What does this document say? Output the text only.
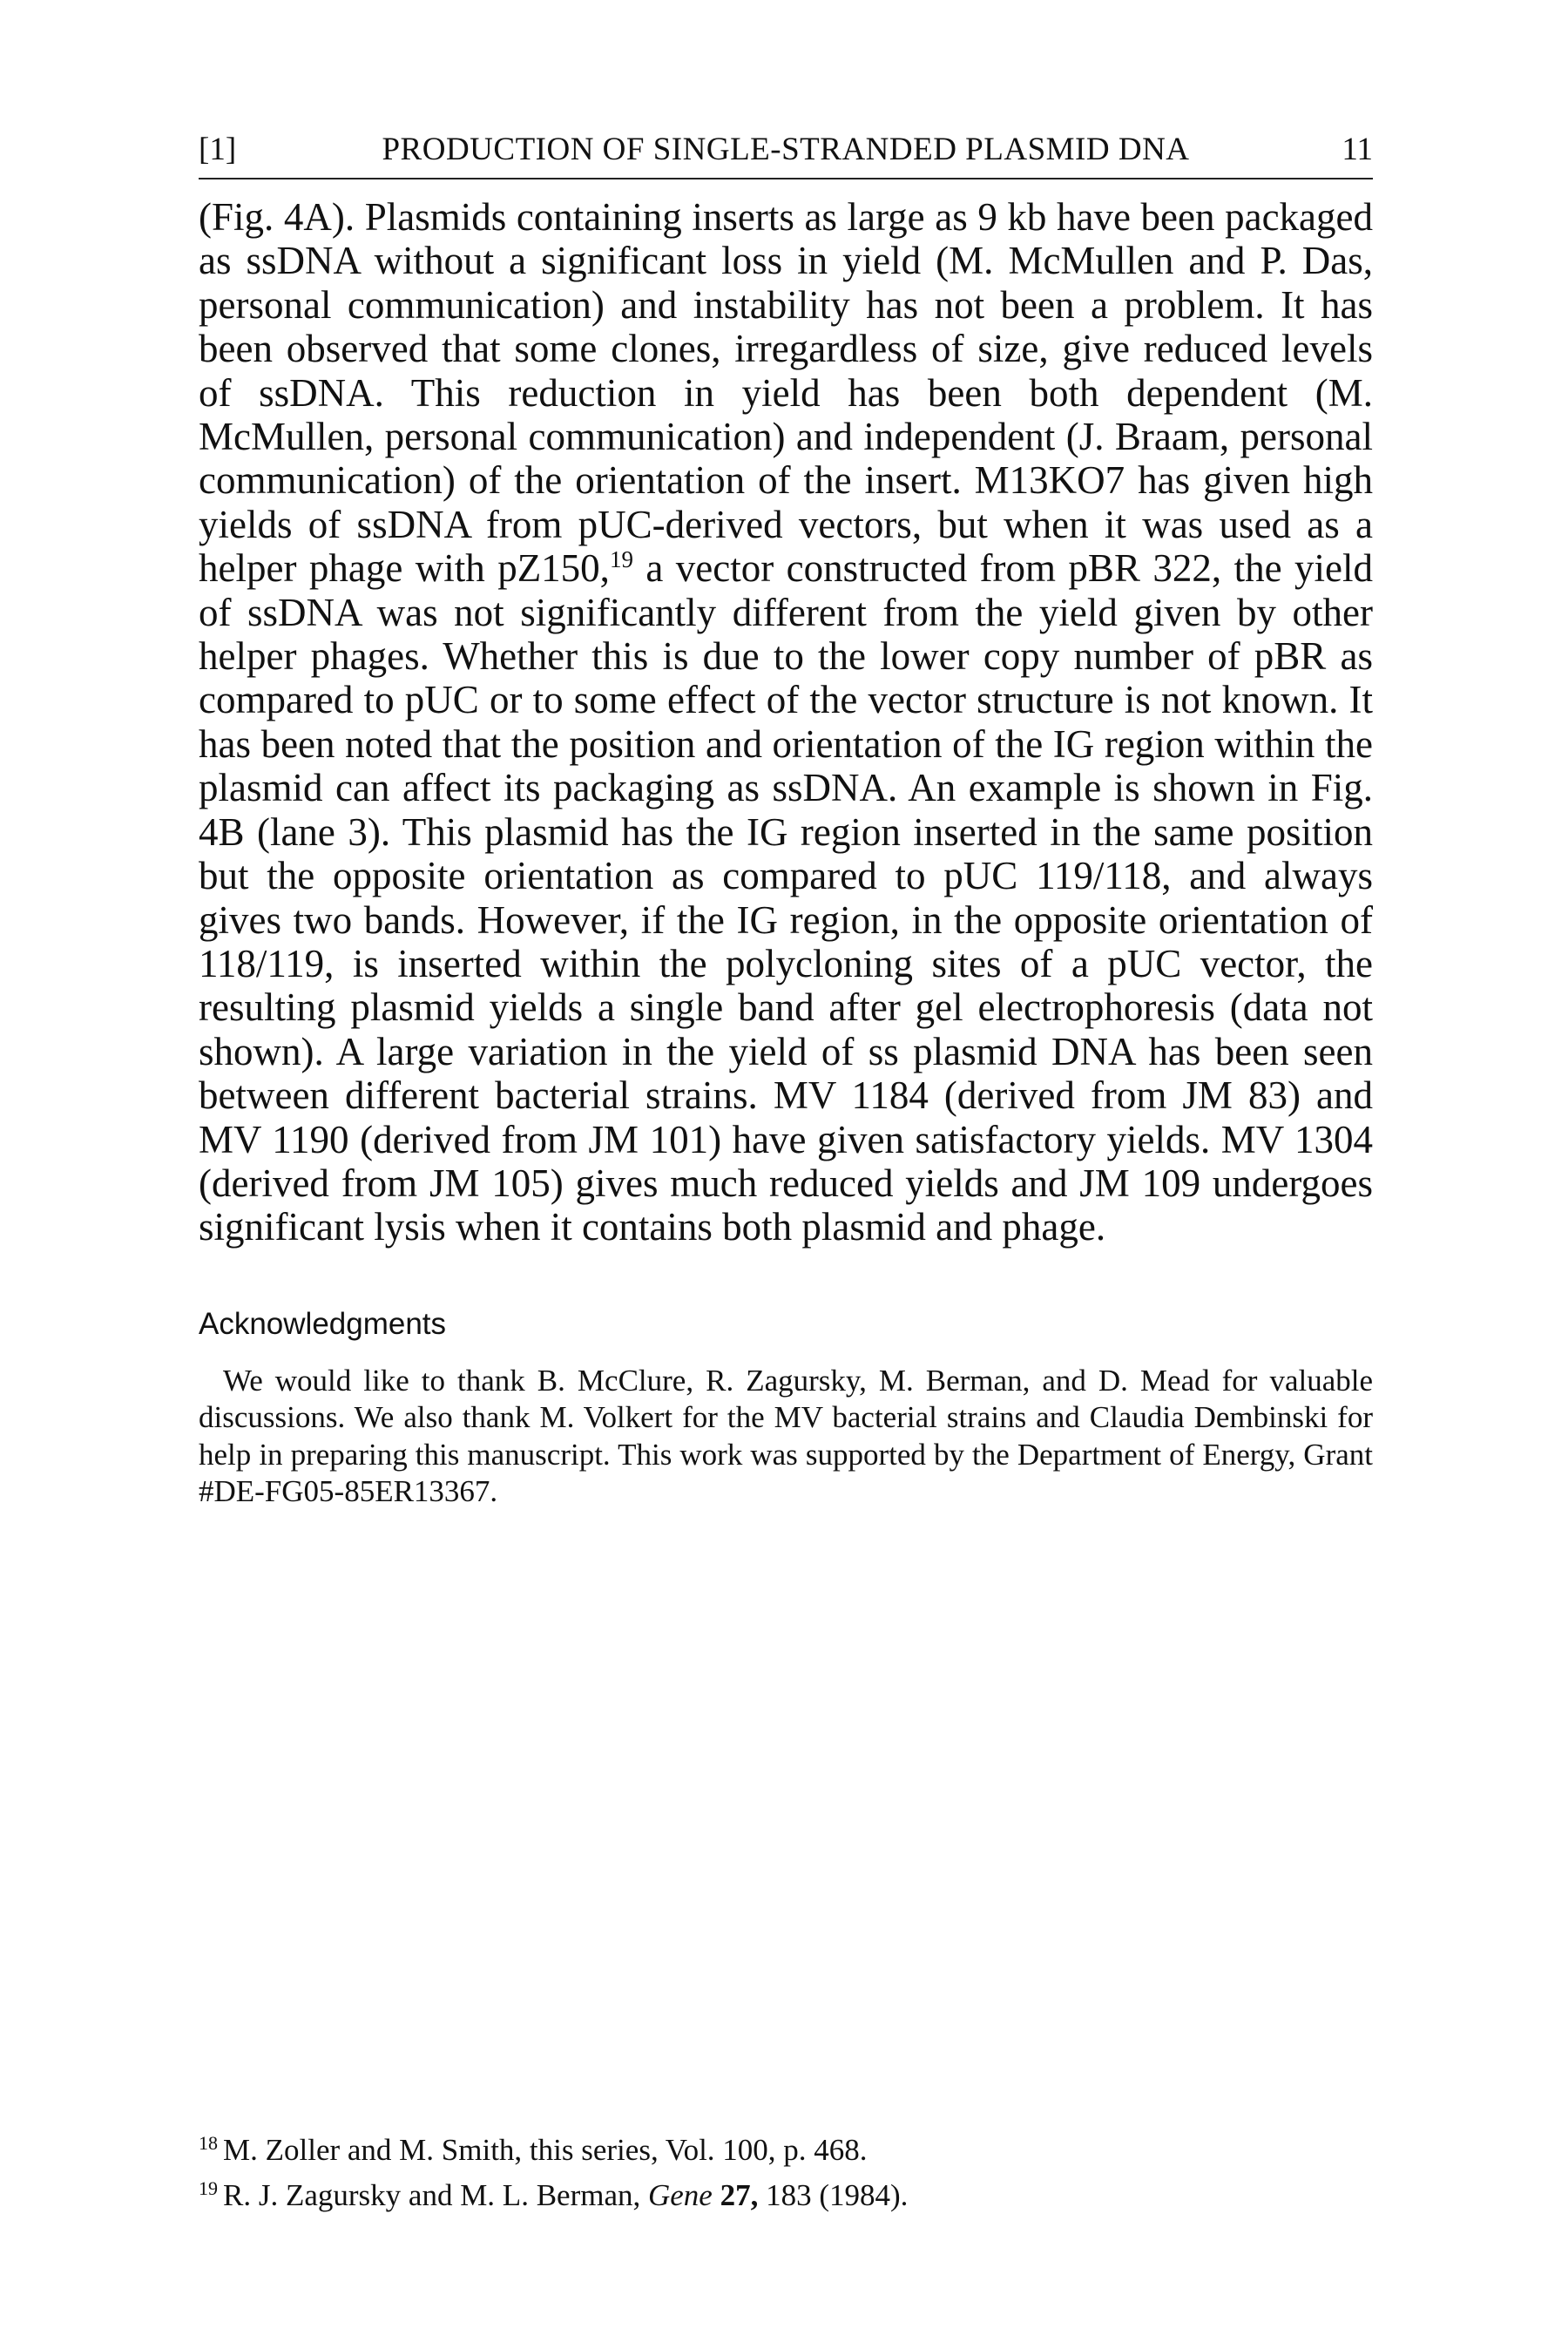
[1]	PRODUCTION OF SINGLE-STRANDED PLASMID DNA	11
(Fig. 4A). Plasmids containing inserts as large as 9 kb have been packaged as ssDNA without a significant loss in yield (M. McMullen and P. Das, personal communication) and instability has not been a problem. It has been observed that some clones, irregardless of size, give reduced levels of ssDNA. This reduction in yield has been both dependent (M. McMullen, personal communication) and independent (J. Braam, personal communication) of the orientation of the insert. M13KO7 has given high yields of ssDNA from pUC-derived vectors, but when it was used as a helper phage with pZ150,19 a vector constructed from pBR 322, the yield of ssDNA was not significantly different from the yield given by other helper phages. Whether this is due to the lower copy number of pBR as compared to pUC or to some effect of the vector structure is not known. It has been noted that the position and orientation of the IG region within the plasmid can affect its packaging as ssDNA. An example is shown in Fig. 4B (lane 3). This plasmid has the IG region inserted in the same position but the opposite orientation as compared to pUC 119/118, and always gives two bands. However, if the IG region, in the opposite orientation of 118/119, is inserted within the polycloning sites of a pUC vector, the resulting plasmid yields a single band after gel electrophoresis (data not shown). A large variation in the yield of ss plasmid DNA has been seen between different bacterial strains. MV 1184 (derived from JM 83) and MV 1190 (derived from JM 101) have given satisfactory yields. MV 1304 (derived from JM 105) gives much reduced yields and JM 109 undergoes significant lysis when it contains both plasmid and phage.
Acknowledgments
We would like to thank B. McClure, R. Zagursky, M. Berman, and D. Mead for valuable discussions. We also thank M. Volkert for the MV bacterial strains and Claudia Dembinski for help in preparing this manuscript. This work was supported by the Department of Energy, Grant #DE-FG05-85ER13367.
$^{18}$ M. Zoller and M. Smith, this series, Vol. 100, p. 468.
$^{19}$ R. J. Zagursky and M. L. Berman, Gene 27, 183 (1984).
